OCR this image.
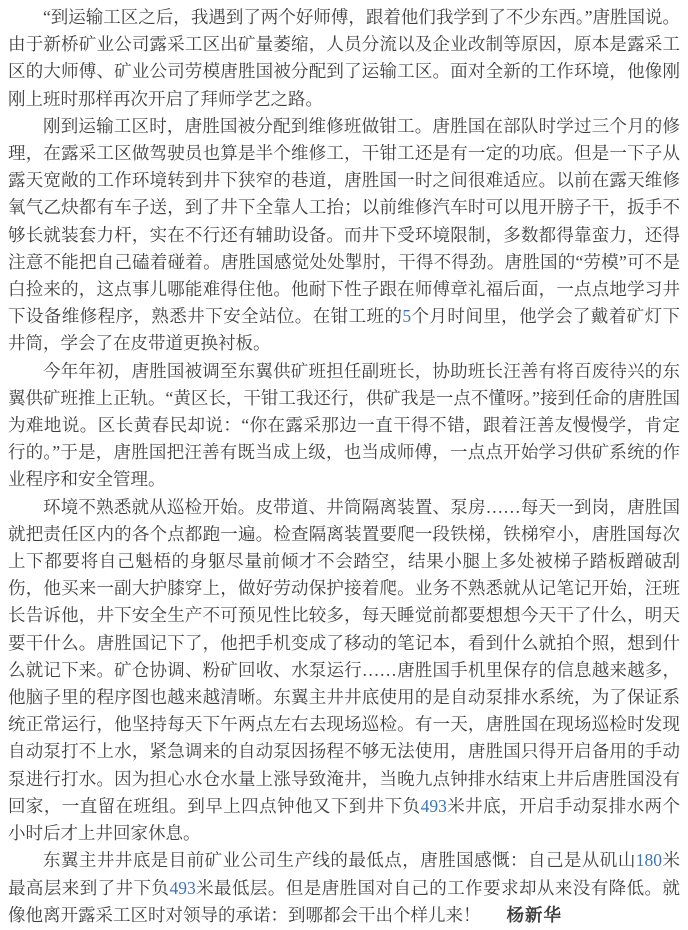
“到运输工区之后，我遇到了两个好师傅，跟着他们我学到了不少东西。”唐胜国说。由于新桥矿业公司露采工区出矿量萎缩，人员分流以及企业改制等原因，原本是露采工区的大师傅、矿业公司劳模唐胜国被分配到了运输工区。面对全新的工作环境，他像刚刚上班时那样再次开启了拜师学艺之路。

刚到运输工区时，唐胜国被分配到维修班做钳工。唐胜国在部队时学过三个月的修理，在露采工区做驾驶员也算是半个维修工，干钳工还是有一定的功底。但是一下子从露天宽敞的工作环境转到井下狭窄的巷道，唐胜国一时之间很难适应。以前在露天维修氧气乙炔都有车子送，到了井下全靠人工抬；以前维修汽车时可以甩开膀子干，扳手不够长就装套力杆，实在不行还有辅助设备。而井下受环境限制，多数都得靠蛮力，还得注意不能把自己磕着碰着。唐胜国感觉处处掣肘，干得不得劲。唐胜国的“劳模”可不是白捡来的，这点事儿哪能难得住他。他耐下性子跟在师傅章礼福后面，一点点地学习井下设备维修程序，熟悉井下安全站位。在钳工班的5个月时间里，他学会了戴着矿灯下井筒，学会了在皮带道更换衬板。

今年年初，唐胜国被调至东翼供矿班担任副班长，协助班长汪善有将百废待兴的东翼供矿班推上正轨。“黄区长，干钳工我还行，供矿我是一点不懂呀。”接到任命的唐胜国为难地说。区长黄春民却说：“你在露采那边一直干得不错，跟着汪善友慢慢学，肯定行的。”于是，唐胜国把汪善有既当成上级，也当成师傅，一点点开始学习供矿系统的作业程序和安全管理。

环境不熟悉就从巡检开始。皮带道、井筒隔离装置、泵房……每天一到岗，唐胜国就把责任区内的各个点都跑一遍。检查隔离装置要爬一段铁梯，铁梯窄小，唐胜国每次上下都要将自己魁梧的身躯尽量前倾才不会踏空，结果小腿上多处被梯子踏板蹭破刮伤，他买来一副大护膝穿上，做好劳动保护接着爬。业务不熟悉就从记笔记开始，汪班长告诉他，井下安全生产不可预见性比较多，每天睡觉前都要想想今天干了什么，明天要干什么。唐胜国记下了，他把手机变成了移动的笔记本，看到什么就拍个照，想到什么就记下来。矿仓协调、粉矿回收、水泵运行……唐胜国手机里保存的信息越来越多，他脑子里的程序图也越来越清晰。东翼主井井底使用的是自动泵排水系统，为了保证系统正常运行，他坚持每天下午两点左右去现场巡检。有一天，唐胜国在现场巡检时发现自动泵打不上水，紧急调来的自动泵因扬程不够无法使用，唐胜国只得开启备用的手动泵进行打水。因为担心水仓水量上涨导致淹井，当晚九点钟排水结束上井后唐胜国没有回家，一直留在班组。到早上四点钟他又下到井下负493米井底，开启手动泵排水两个小时后才上井回家休息。

东翼主井井底是目前矿业公司生产线的最低点，唐胜国感慨：自己是从矶山180米最高层来到了井下负493米最低层。但是唐胜国对自己的工作要求却从来没有降低。就像他离开露采工区时对领导的承诺：到哪都会干出个样儿来！ 杨新华
